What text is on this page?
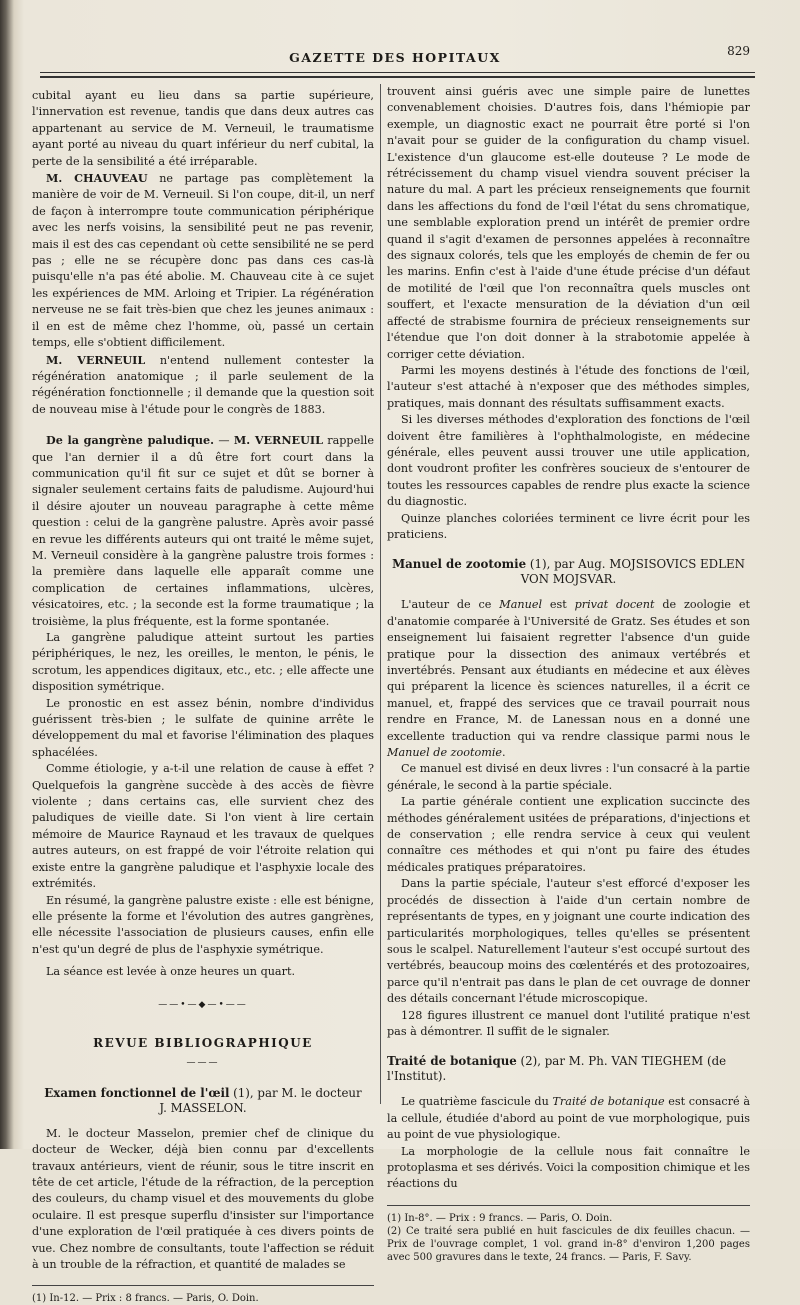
GAZETTE DES HOPITAUX	829

cubital ayant eu lieu dans sa partie supérieure, l'innervation est revenue, tandis que dans deux autres cas appartenant au service de M. Verneuil, le traumatisme ayant porté au niveau du quart inférieur du nerf cubital, la perte de la sensibilité a été irréparable.

M. CHAUVEAU ne partage pas complètement la manière de voir de M. Verneuil. Si l'on coupe, dit-il, un nerf de façon à interrompre toute communication périphérique avec les nerfs voisins, la sensibilité peut ne pas revenir, mais il est des cas cependant où cette sensibilité ne se perd pas ; elle ne se récupère donc pas dans ces cas-là puisqu'elle n'a pas été abolie. M. Chauveau cite à ce sujet les expériences de MM. Arloing et Tripier. La régénération nerveuse ne se fait très-bien que chez les jeunes animaux : il en est de même chez l'homme, où, passé un certain temps, elle s'obtient difficilement.

M. VERNEUIL n'entend nullement contester la régénération anatomique ; il parle seulement de la régénération fonctionnelle ; il demande que la question soit de nouveau mise à l'étude pour le congrès de 1883.

De la gangrène paludique. — M. VERNEUIL rappelle que l'an dernier il a dû être fort court dans la communication qu'il fit sur ce sujet et dût se borner à signaler seulement certains faits de paludisme. Aujourd'hui il désire ajouter un nouveau paragraphe à cette même question : celui de la gangrène palustre. Après avoir passé en revue les différents auteurs qui ont traité le même sujet, M. Verneuil considère à la gangrène palustre trois formes : la première dans laquelle elle apparaît comme une complication de certaines inflammations, ulcères, vésicatoires, etc. ; la seconde est la forme traumatique ; la troisième, la plus fréquente, est la forme spontanée.

La gangrène paludique atteint surtout les parties périphériques, le nez, les oreilles, le menton, le pénis, le scrotum, les appendices digitaux, etc., etc. ; elle affecte une disposition symétrique.

Le pronostic en est assez bénin, nombre d'individus guérissent très-bien ; le sulfate de quinine arrête le développement du mal et favorise l'élimination des plaques sphacélées.

Comme étiologie, y a-t-il une relation de cause à effet ? Quelquefois la gangrène succède à des accès de fièvre violente ; dans certains cas, elle survient chez des paludiques de vieille date. Si l'on vient à lire certain mémoire de Maurice Raynaud et les travaux de quelques autres auteurs, on est frappé de voir l'étroite relation qui existe entre la gangrène paludique et l'asphyxie locale des extrémités.

En résumé, la gangrène palustre existe : elle est bénigne, elle présente la forme et l'évolution des autres gangrènes, elle nécessite l'association de plusieurs causes, enfin elle n'est qu'un degré de plus de l'asphyxie symétrique.

La séance est levée à onze heures un quart.

——•—◆—•——
REVUE BIBLIOGRAPHIQUE
———
Examen fonctionnel de l'œil (1), par M. le docteur
J. MASSELON.

M. le docteur Masselon, premier chef de clinique du docteur de Wecker, déjà bien connu par d'excellents travaux antérieurs, vient de réunir, sous le titre inscrit en tête de cet article, l'étude de la réfraction, de la perception des couleurs, du champ visuel et des mouvements du globe oculaire. Il est presque superflu d'insister sur l'importance d'une exploration de l'œil pratiquée à ces divers points de vue. Chez nombre de consultants, toute l'affection se réduit à un trouble de la réfraction, et quantité de malades se

(1) In-12. — Prix : 8 francs. — Paris, O. Doin.

trouvent ainsi guéris avec une simple paire de lunettes convenablement choisies. D'autres fois, dans l'hémiopie par exemple, un diagnostic exact ne pourrait être porté si l'on n'avait pour se guider de la configuration du champ visuel. L'existence d'un glaucome est-elle douteuse ? Le mode de rétrécissement du champ visuel viendra souvent préciser la nature du mal. A part les précieux renseignements que fournit dans les affections du fond de l'œil l'état du sens chromatique, une semblable exploration prend un intérêt de premier ordre quand il s'agit d'examen de personnes appelées à reconnaître des signaux colorés, tels que les employés de chemin de fer ou les marins. Enfin c'est à l'aide d'une étude précise d'un défaut de motilité de l'œil que l'on reconnaîtra quels muscles ont souffert, et l'exacte mensuration de la déviation d'un œil affecté de strabisme fournira de précieux renseignements sur l'étendue que l'on doit donner à la strabotomie appelée à corriger cette déviation.

Parmi les moyens destinés à l'étude des fonctions de l'œil, l'auteur s'est attaché à n'exposer que des méthodes simples, pratiques, mais donnant des résultats suffisamment exacts.

Si les diverses méthodes d'exploration des fonctions de l'œil doivent être familières à l'ophthalmologiste, en médecine générale, elles peuvent aussi trouver une utile application, dont voudront profiter les confrères soucieux de s'entourer de toutes les ressources capables de rendre plus exacte la science du diagnostic.

Quinze planches coloriées terminent ce livre écrit pour les praticiens.

Manuel de zootomie (1), par Aug. MOJSISOVICS EDLEN VON MOJSVAR.

L'auteur de ce Manuel est privat docent de zoologie et d'anatomie comparée à l'Université de Gratz. Ses études et son enseignement lui faisaient regretter l'absence d'un guide pratique pour la dissection des animaux vertébrés et invertébrés. Pensant aux étudiants en médecine et aux élèves qui préparent la licence ès sciences naturelles, il a écrit ce manuel, et, frappé des services que ce travail pourrait nous rendre en France, M. de Lanessan nous en a donné une excellente traduction qui va rendre classique parmi nous le Manuel de zootomie.

Ce manuel est divisé en deux livres : l'un consacré à la partie générale, le second à la partie spéciale.

La partie générale contient une explication succincte des méthodes généralement usitées de préparations, d'injections et de conservation ; elle rendra service à ceux qui veulent connaître ces méthodes et qui n'ont pu faire des études médicales pratiques préparatoires.

Dans la partie spéciale, l'auteur s'est efforcé d'exposer les procédés de dissection à l'aide d'un certain nombre de représentants de types, en y joignant une courte indication des particularités morphologiques, telles qu'elles se présentent sous le scalpel. Naturellement l'auteur s'est occupé surtout des vertébrés, beaucoup moins des cœlentérés et des protozoaires, parce qu'il n'entrait pas dans le plan de cet ouvrage de donner des détails concernant l'étude microscopique.

128 figures illustrent ce manuel dont l'utilité pratique n'est pas à démontrer. Il suffit de le signaler.

Traité de botanique (2), par M. Ph. VAN TIEGHEM (de l'Institut).

Le quatrième fascicule du Traité de botanique est consacré à la cellule, étudiée d'abord au point de vue morphologique, puis au point de vue physiologique.

La morphologie de la cellule nous fait connaître le protoplasma et ses dérivés. Voici la composition chimique et les réactions du

(1) In-8°. — Prix : 9 francs. — Paris, O. Doin.

(2) Ce traité sera publié en huit fascicules de dix feuilles chacun. — Prix de l'ouvrage complet, 1 vol. grand in-8° d'environ 1,200 pages avec 500 gravures dans le texte, 24 francs. — Paris, F. Savy.
